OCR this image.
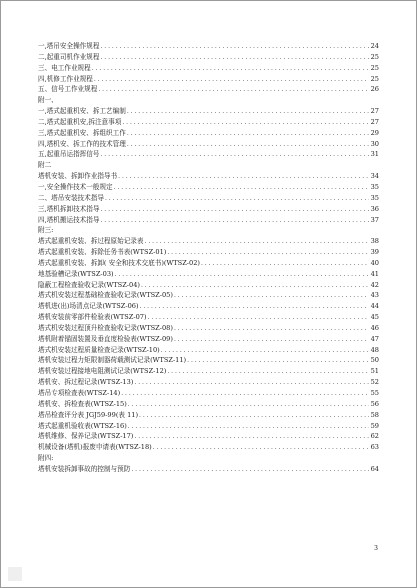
一,塔吊安全操作规程 . . .	24
二,起重司机作业规程 . . .	25
三、电工作业规程 . . .	25
四,机修工作业规程 . . .	25
五、信号工作业规程 . . .	26
附一、
一,塔式起重机安、拆工艺编制 . . .	27
二,塔式起重机安,拆注意事项 . . .	27
三,塔式起重机安、拆组织工作 . . .	29
四,塔机安、拆工作的技术管理 . . .	30
五,起重吊运指挥信号 . . .	31
附二
塔机安装、拆卸作业指导书 . . .	34
一,安全操作技术一般规定 . . .	35
二、塔吊安装技术指导 . . .	35
三,塔机拆卸技术指导 . . .	36
四,塔机搬运技术指导 . . .	37
附三:
塔式起重机安装、拆过程原始记录表 . . .	38
塔式起重机安装、拆除任务书表(WTSZ-01) . . .	39
塔式起重机安装、拆卸( 安全和技术交底书)(WTSZ-02) . . .	40
地基验槽记录(WTSZ-03) . . .	41
隐蔽工程检查验收记录(WTSZ-04) . . .	42
塔式机安装过程基础检查验收记录(WTSZ-05) . . .	43
塔机进(出)场清点记录(WTSZ-06) . . .	44
塔机安装前零部件检验表(WTSZ-07) . . .	45
塔式机安装过程顶升检查验收记录(WTSZ-08) . . .	46
塔机附着锚固装置及垂直度检验表(WTSZ-09) . . .	47
塔式机安装过程质量检查记录(WTSZ-10) . . .	48
塔机安装过程力矩限制器荷载测试记录(WTSZ-11) . . .	50
塔机安装过程接地电阻测试记录(WTSZ-12) . . .	51
塔机安、拆过程记录(WTSZ-13) . . .	52
塔吊专项检查表(WTSZ-14) . . .	55
塔机安、拆检查表(WTSZ-15) . . .	56
塔吊检查评分表 JGJ59-99(表 11) . . .	58
塔式起重机验收表(WTSZ-16) . . .	59
塔机维修、保养记录(WTSZ-17) . . .	62
机械设备(塔机)报废申请表(WTSZ-18) . . .	63
附四:
塔机安装拆卸事故的控制与预防 . . .	64
3
